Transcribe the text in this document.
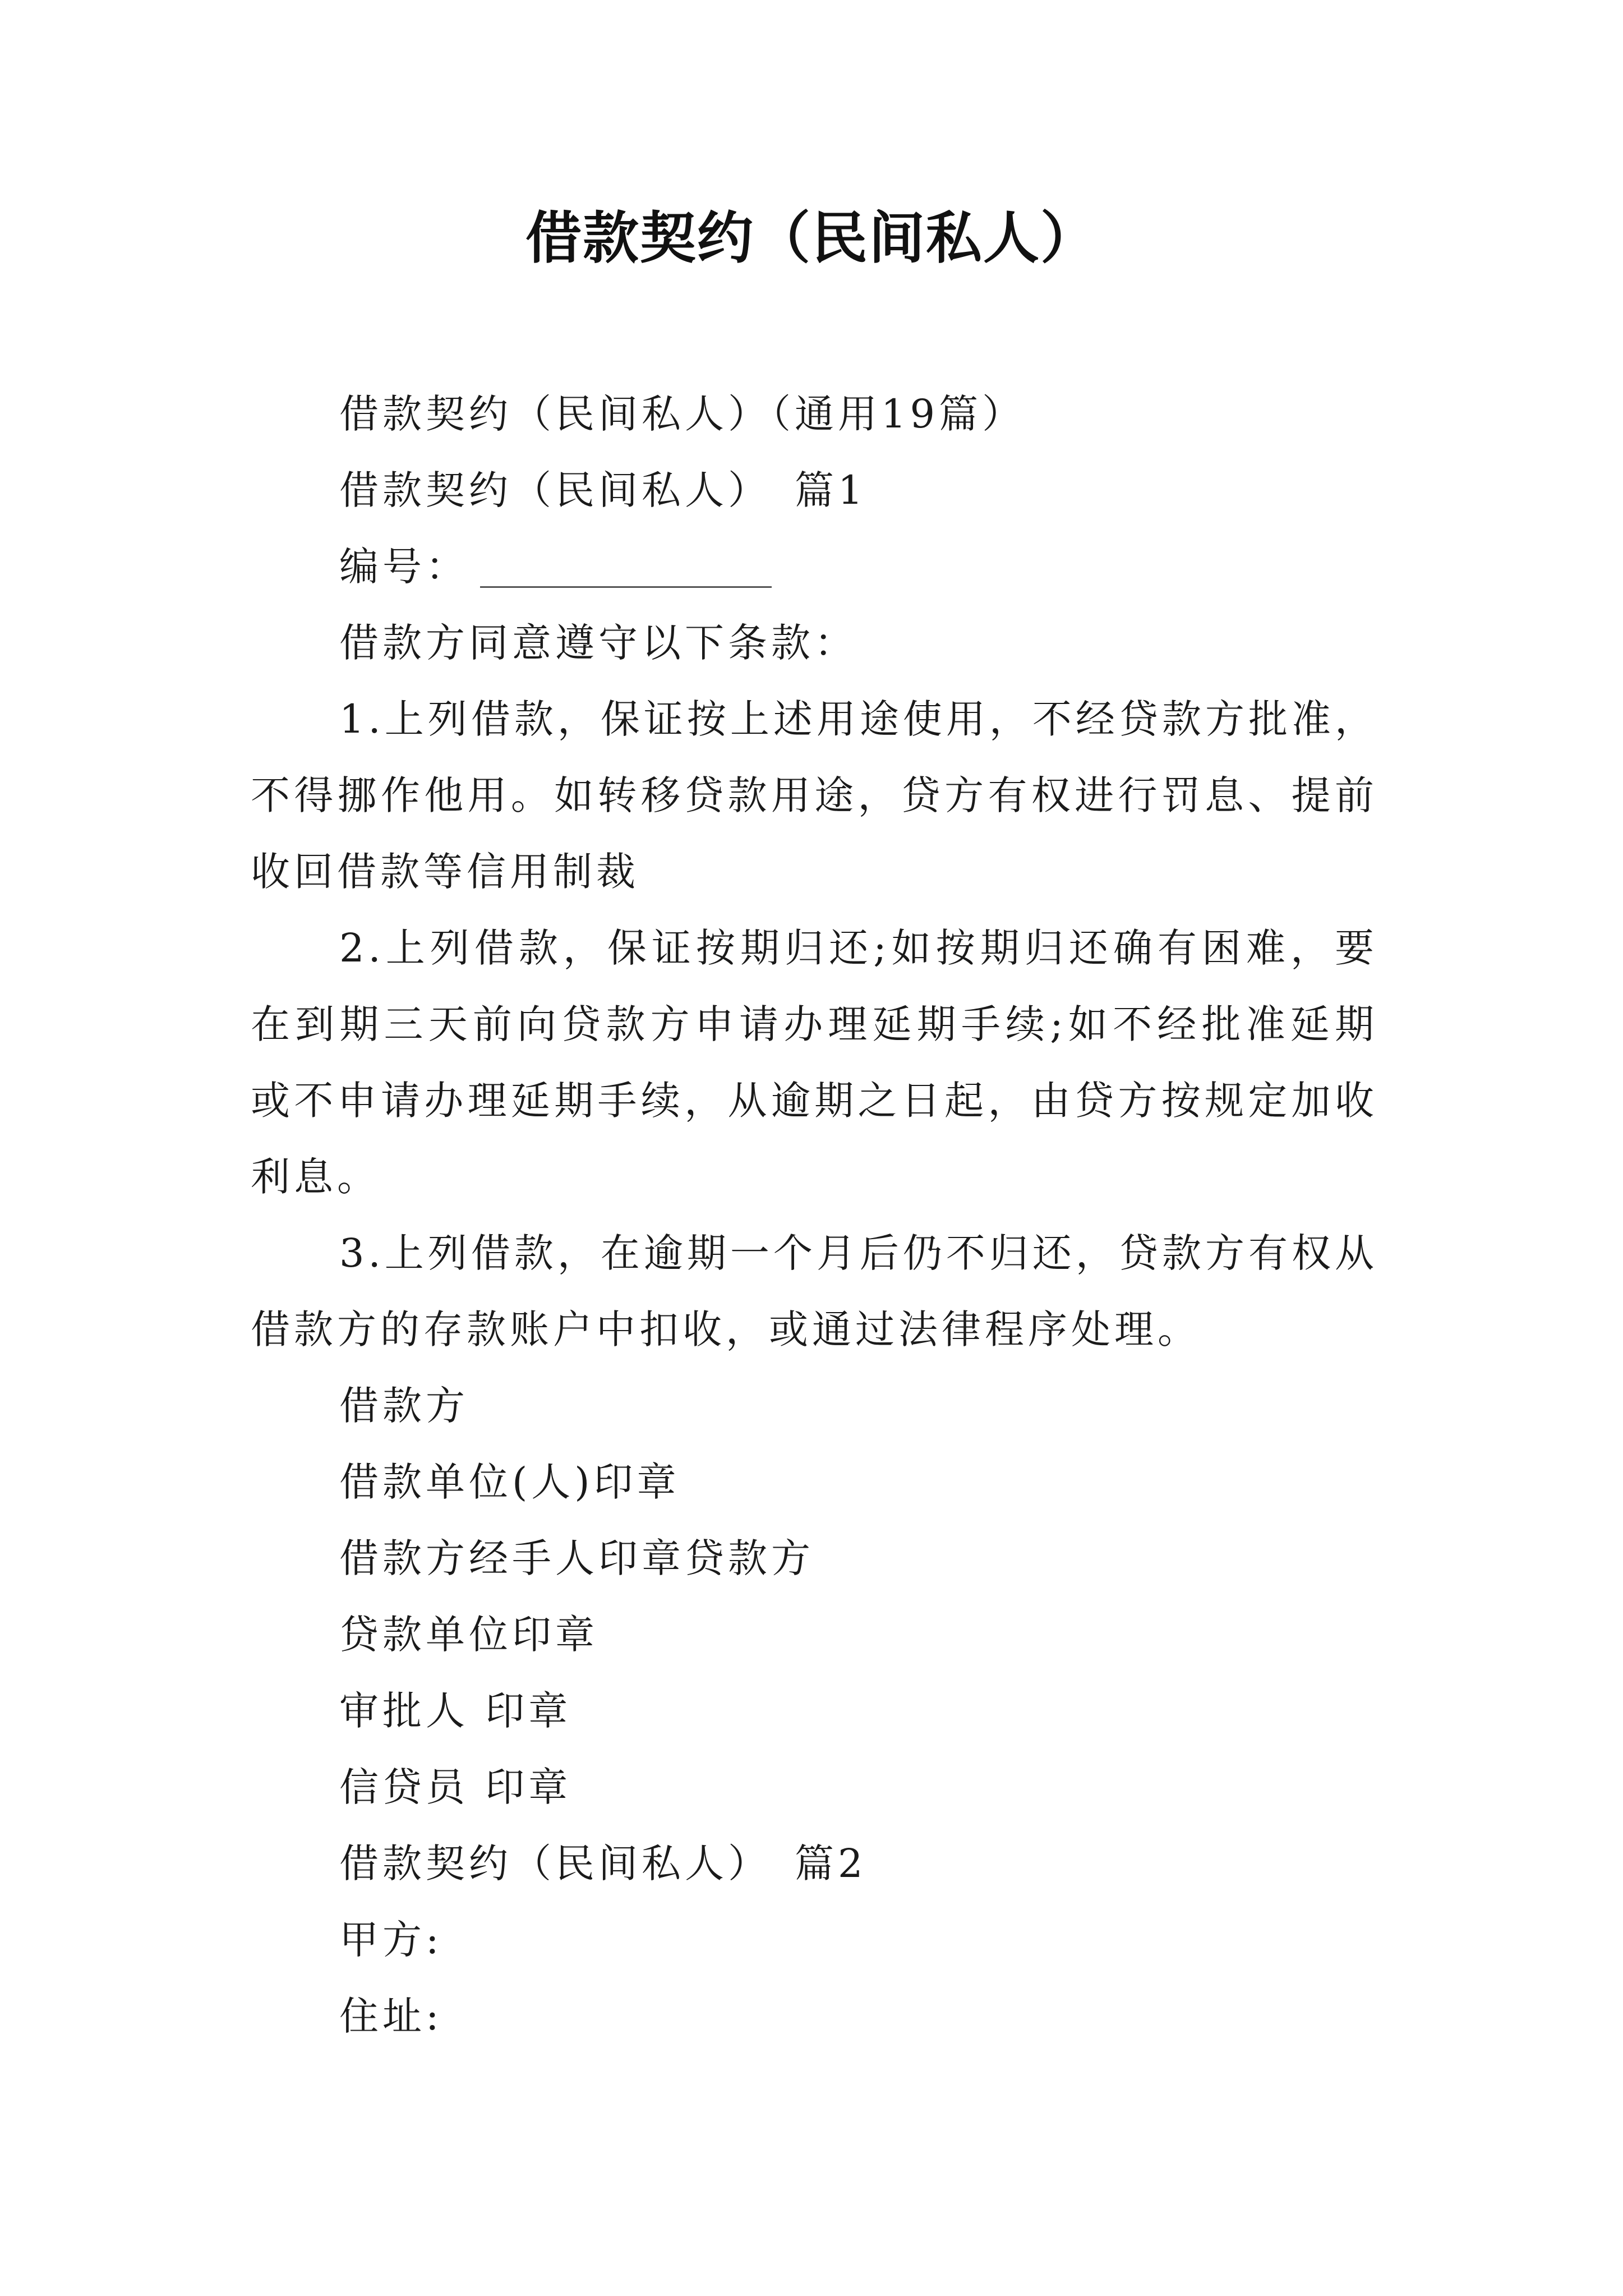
借款契约（民间私人）
借款契约（民间私人）（通用19篇）
借款契约（民间私人）　篇1
编号：
借款方同意遵守以下条款：
1.上列借款，保证按上述用途使用，不经贷款方批准，不得挪作他用。如转移贷款用途，贷方有权进行罚息、提前收回借款等信用制裁
2.上列借款，保证按期归还;如按期归还确有困难，要在到期三天前向贷款方申请办理延期手续;如不经批准延期或不申请办理延期手续，从逾期之日起，由贷方按规定加收利息。
3.上列借款，在逾期一个月后仍不归还，贷款方有权从借款方的存款账户中扣收，或通过法律程序处理。
借款方
借款单位(人)印章
借款方经手人印章贷款方
贷款单位印章
审批人 印章
信贷员 印章
借款契约（民间私人）　篇2
甲方:
住址:
